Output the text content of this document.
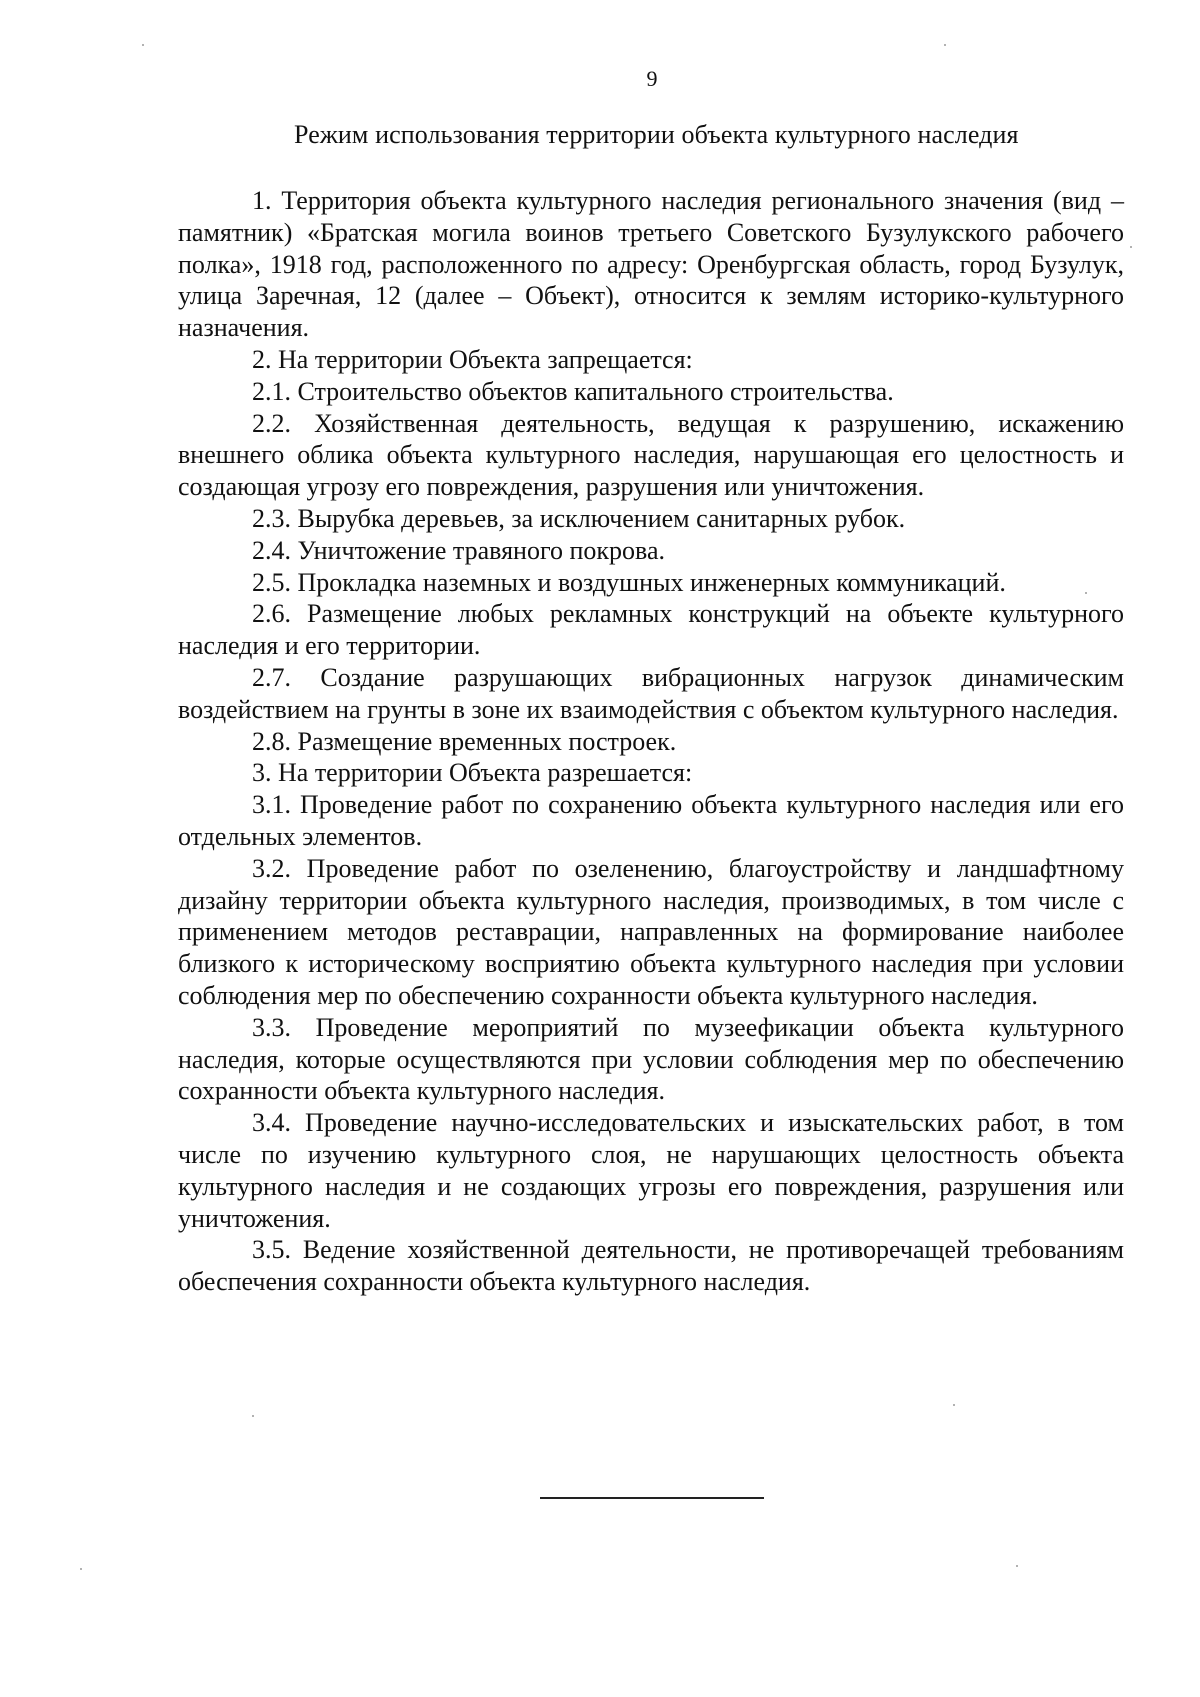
9
Режим использования территории объекта культурного наследия

1. Территория объекта культурного наследия регионального значения (вид – памятник) «Братская могила воинов третьего Советского Бузулукского рабочего полка», 1918 год, расположенного по адресу: Оренбургская область, город Бузулук, улица Заречная, 12 (далее – Объект), относится к землям историко-культурного назначения.

2. На территории Объекта запрещается:

2.1. Строительство объектов капитального строительства.

2.2. Хозяйственная деятельность, ведущая к разрушению, искажению внешнего облика объекта культурного наследия, нарушающая его целостность и создающая угрозу его повреждения, разрушения или уничтожения.

2.3. Вырубка деревьев, за исключением санитарных рубок.

2.4. Уничтожение травяного покрова.

2.5. Прокладка наземных и воздушных инженерных коммуникаций.

2.6. Размещение любых рекламных конструкций на объекте культурного наследия и его территории.

2.7. Создание разрушающих вибрационных нагрузок динамическим воздействием на грунты в зоне их взаимодействия с объектом культурного наследия.

2.8. Размещение временных построек.

3. На территории Объекта разрешается:

3.1. Проведение работ по сохранению объекта культурного наследия или его отдельных элементов.

3.2. Проведение работ по озеленению, благоустройству и ландшафтному дизайну территории объекта культурного наследия, производимых, в том числе с применением методов реставрации, направленных на формирование наиболее близкого к историческому восприятию объекта культурного наследия при условии соблюдения мер по обеспечению сохранности объекта культурного наследия.

3.3. Проведение мероприятий по музеефикации объекта культурного наследия, которые осуществляются при условии соблюдения мер по обеспечению сохранности объекта культурного наследия.

3.4. Проведение научно-исследовательских и изыскательских работ, в том числе по изучению культурного слоя, не нарушающих целостность объекта культурного наследия и не создающих угрозы его повреждения, разрушения или уничтожения.

3.5. Ведение хозяйственной деятельности, не противоречащей требованиям обеспечения сохранности объекта культурного наследия.
